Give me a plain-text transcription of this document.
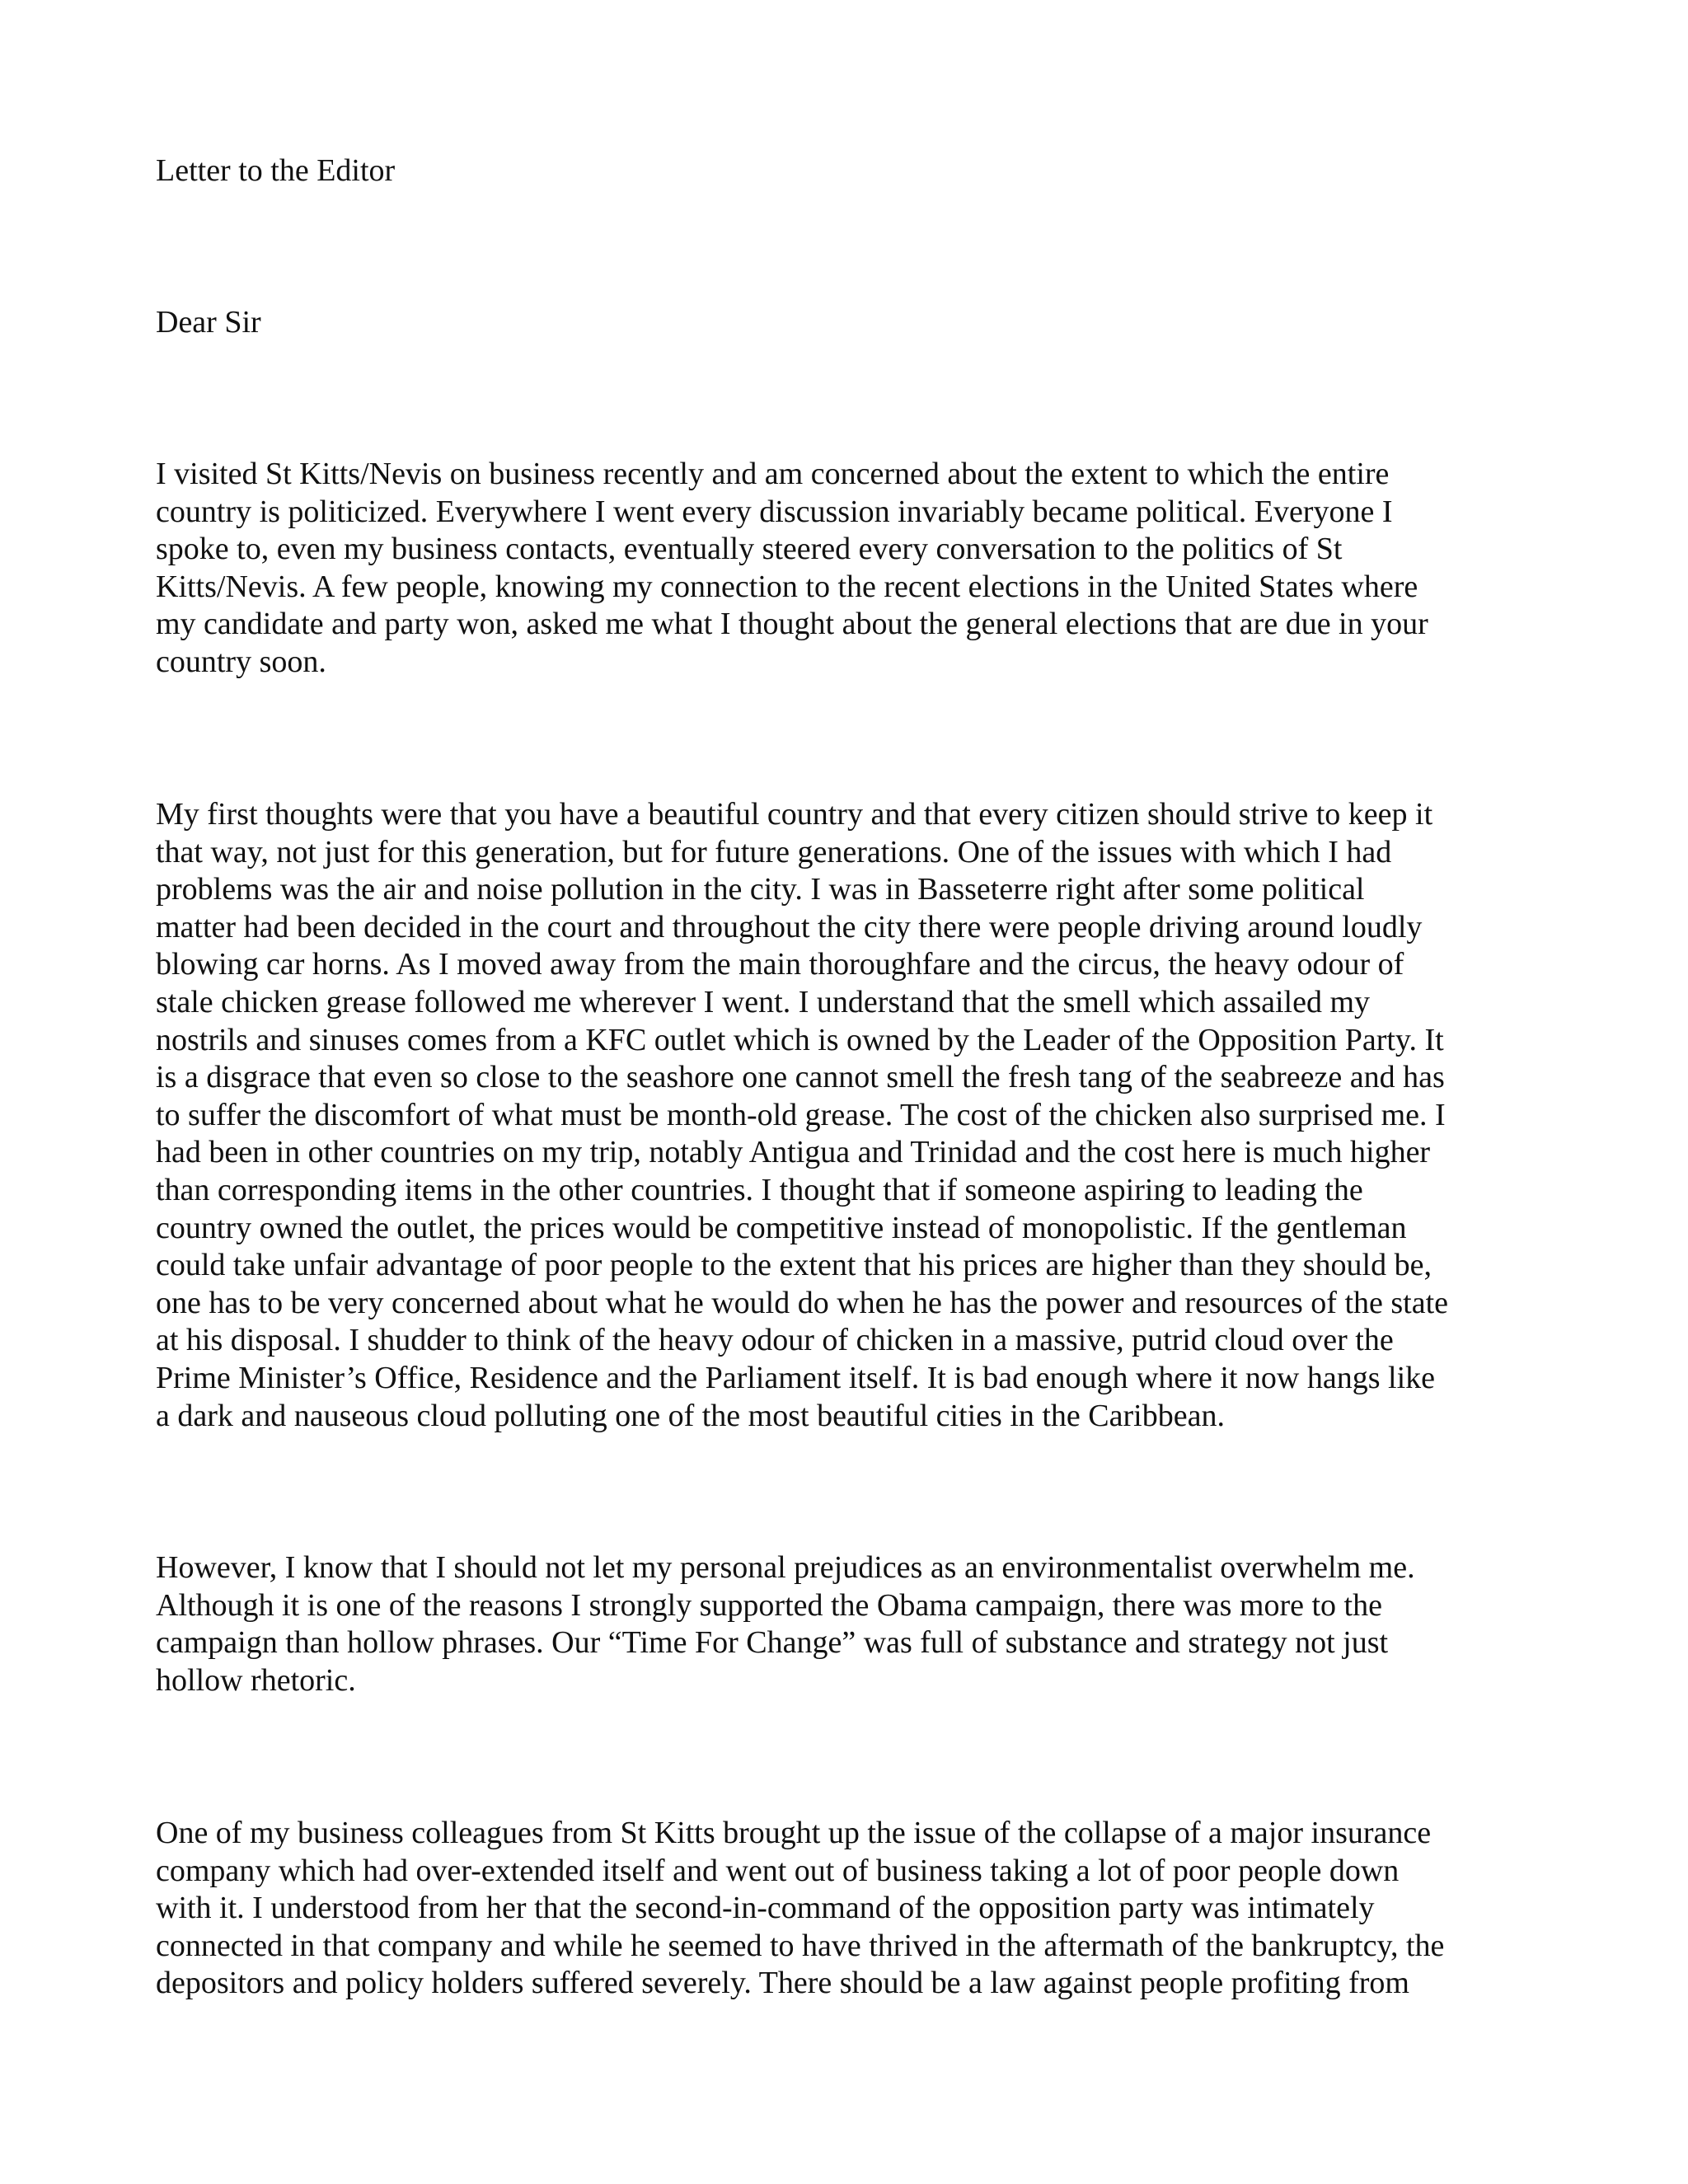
Letter to the Editor

Dear Sir

I visited St Kitts/Nevis on business recently and am concerned about the extent to which the entire
country is politicized. Everywhere I went every discussion invariably became political. Everyone I
spoke to, even my business contacts, eventually steered every conversation to the politics of St
Kitts/Nevis. A few people, knowing my connection to the recent elections in the United States where
my candidate and party won, asked me what I thought about the general elections that are due in your
country soon.
My first thoughts were that you have a beautiful country and that every citizen should strive to keep it
that way, not just for this generation, but for future generations. One of the issues with which I had
problems was the air and noise pollution in the city. I was in Basseterre right after some political
matter had been decided in the court and throughout the city there were people driving around loudly
blowing car horns. As I moved away from the main thoroughfare and the circus, the heavy odour of
stale chicken grease followed me wherever I went. I understand that the smell which assailed my
nostrils and sinuses comes from a KFC outlet which is owned by the Leader of the Opposition Party. It
is a disgrace that even so close to the seashore one cannot smell the fresh tang of the seabreeze and has
to suffer the discomfort of what must be month-old grease. The cost of the chicken also surprised me. I
had been in other countries on my trip, notably Antigua and Trinidad and the cost here is much higher
than corresponding items in the other countries. I thought that if someone aspiring to leading the
country owned the outlet, the prices would be competitive instead of monopolistic. If the gentleman
could take unfair advantage of poor people to the extent that his prices are higher than they should be,
one has to be very concerned about what he would do when he has the power and resources of the state
at his disposal. I shudder to think of the heavy odour of chicken in a massive, putrid cloud over the
Prime Minister’s Office, Residence and the Parliament itself. It is bad enough where it now hangs like
a dark and nauseous cloud polluting one of the most beautiful cities in the Caribbean.
However, I know that I should not let my personal prejudices as an environmentalist overwhelm me.
Although it is one of the reasons I strongly supported the Obama campaign, there was more to the
campaign than hollow phrases. Our “Time For Change” was full of substance and strategy not just
hollow rhetoric.
One of my business colleagues from St Kitts brought up the issue of the collapse of a major insurance
company which had over-extended itself and went out of business taking a lot of poor people down
with it. I understood from her that the second-in-command of the opposition party was intimately
connected in that company and while he seemed to have thrived in the aftermath of the bankruptcy, the
depositors and policy holders suffered severely. There should be a law against people profiting from
